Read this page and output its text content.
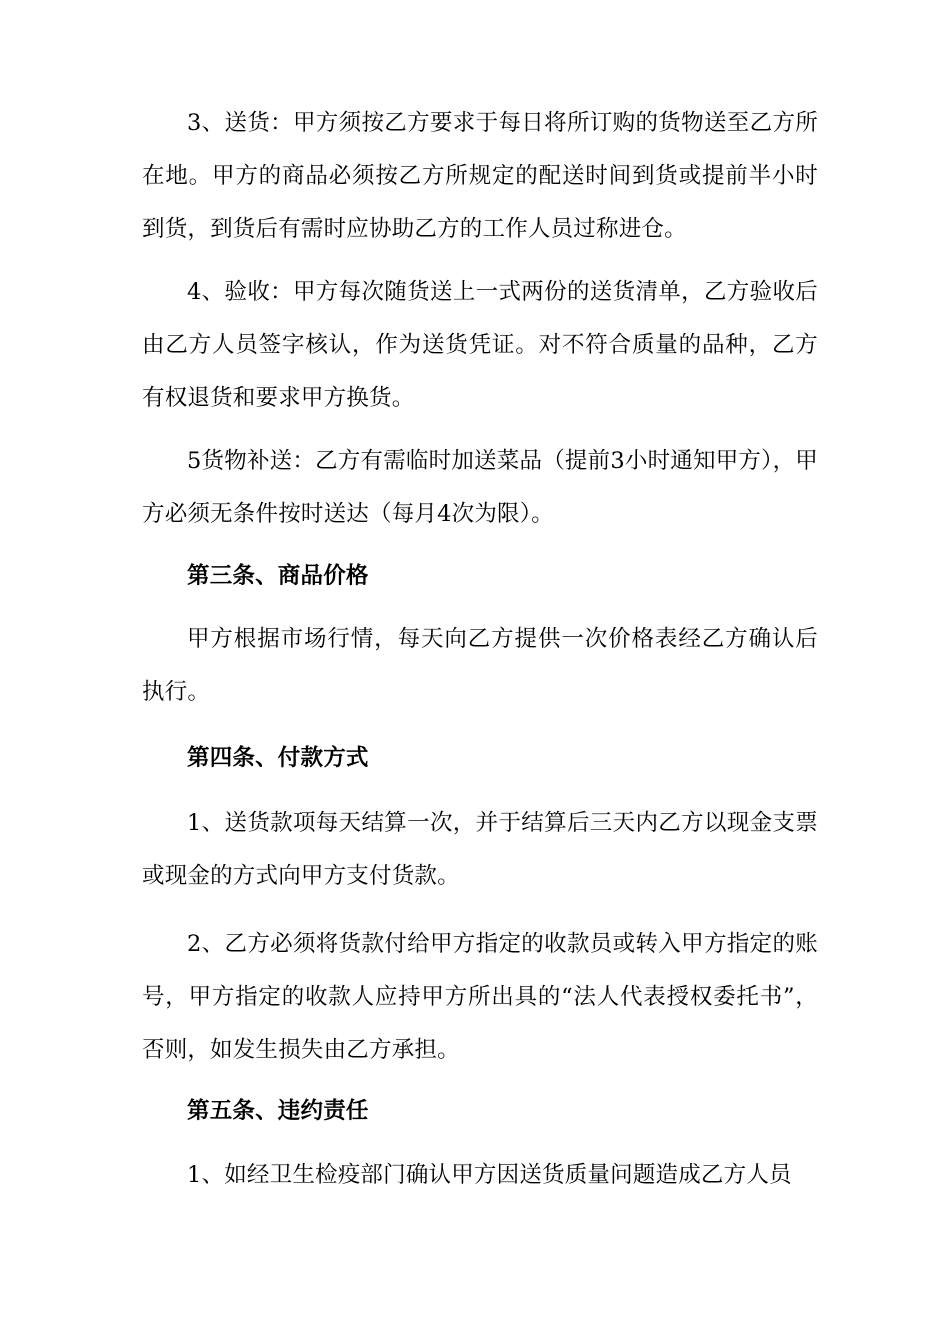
3、送货：甲方须按乙方要求于每日将所订购的货物送至乙方所在地。甲方的商品必须按乙方所规定的配送时间到货或提前半小时到货，到货后有需时应协助乙方的工作人员过称进仓。

4、验收：甲方每次随货送上一式两份的送货清单，乙方验收后由乙方人员签字核认，作为送货凭证。对不符合质量的品种，乙方有权退货和要求甲方换货。

5货物补送：乙方有需临时加送菜品（提前3小时通知甲方），甲方必须无条件按时送达（每月4次为限）。

第三条、商品价格

甲方根据市场行情，每天向乙方提供一次价格表经乙方确认后执行。

第四条、付款方式

1、送货款项每天结算一次，并于结算后三天内乙方以现金支票或现金的方式向甲方支付货款。

2、乙方必须将货款付给甲方指定的收款员或转入甲方指定的账号，甲方指定的收款人应持甲方所出具的“法人代表授权委托书”，否则，如发生损失由乙方承担。

第五条、违约责任

1、如经卫生检疫部门确认甲方因送货质量问题造成乙方人员
